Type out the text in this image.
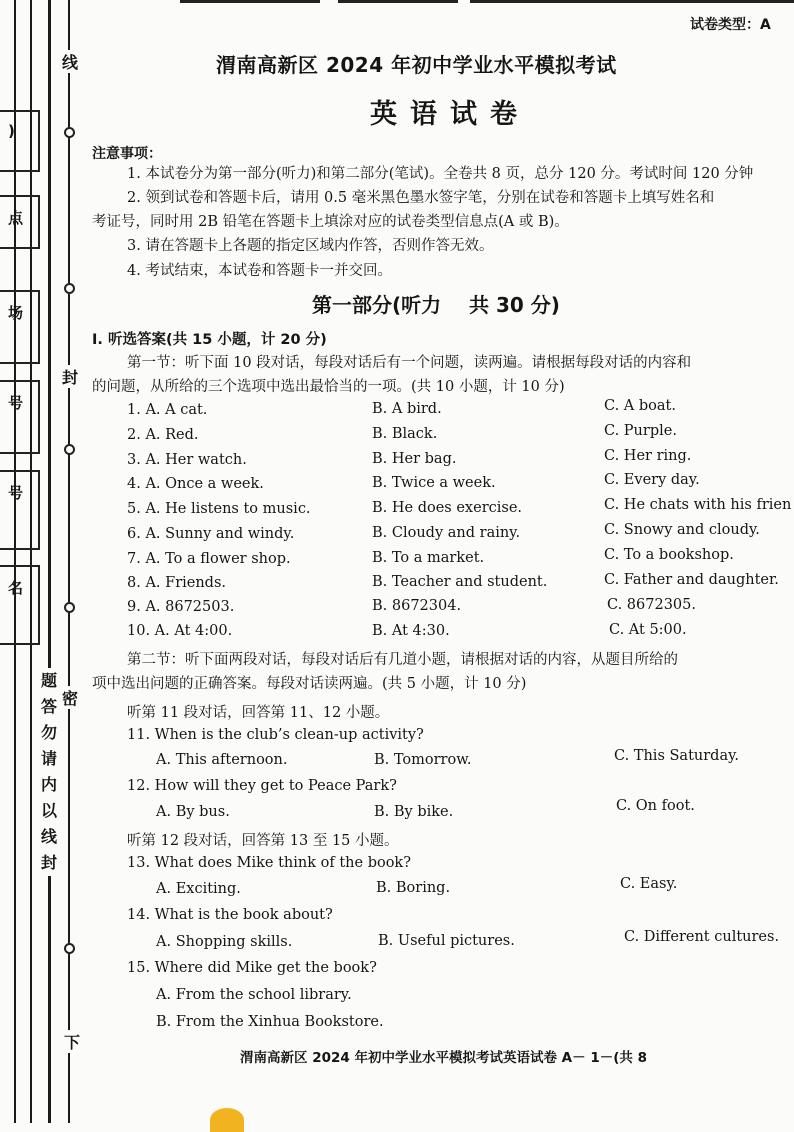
)
点
场
号
号
名
线
封
密
题
答
勿
请
内
以
线
封
下
试卷类型：A
渭南高新区 2024 年初中学业水平模拟考试
英语试卷
注意事项：
1. 本试卷分为第一部分(听力)和第二部分(笔试)。全卷共 8 页，总分 120 分。考试时间 120 分钟
2. 领到试卷和答题卡后，请用 0.5 毫米黑色墨水签字笔，分别在试卷和答题卡上填写姓名和
考证号，同时用 2B 铅笔在答题卡上填涂对应的试卷类型信息点(A 或 B)。
3. 请在答题卡上各题的指定区域内作答，否则作答无效。
4. 考试结束，本试卷和答题卡一并交回。
第一部分(听力    共 30 分)
Ⅰ. 听选答案(共 15 小题，计 20 分)
第一节：听下面 10 段对话，每段对话后有一个问题，读两遍。请根据每段对话的内容和
的问题，从所给的三个选项中选出最恰当的一项。(共 10 小题，计 10 分)
1. A. A cat.	B. A bird.	C. A boat.
2. A. Red.	B. Black.	C. Purple.
3. A. Her watch.	B. Her bag.	C. Her ring.
4. A. Once a week.	B. Twice a week.	C. Every day.
5. A. He listens to music.	B. He does exercise.	C. He chats with his frien
6. A. Sunny and windy.	B. Cloudy and rainy.	C. Snowy and cloudy.
7. A. To a flower shop.	B. To a market.	C. To a bookshop.
8. A. Friends.	B. Teacher and student.	C. Father and daughter.
9. A. 8672503.	B. 8672304.	C. 8672305.
10. A. At 4:00.	B. At 4:30.	C. At 5:00.
第二节：听下面两段对话，每段对话后有几道小题，请根据对话的内容，从题目所给的
项中选出问题的正确答案。每段对话读两遍。(共 5 小题，计 10 分)
听第 11 段对话，回答第 11、12 小题。
11. When is the club’s clean-up activity?
A. This afternoon.	B. Tomorrow.	C. This Saturday.
12. How will they get to Peace Park?
A. By bus.	B. By bike.	C. On foot.
听第 12 段对话，回答第 13 至 15 小题。
13. What does Mike think of the book?
A. Exciting.	B. Boring.	C. Easy.
14. What is the book about?
A. Shopping skills.	B. Useful pictures.	C. Different cultures.
15. Where did Mike get the book?
A. From the school library.
B. From the Xinhua Bookstore.
渭南高新区 2024 年初中学业水平模拟考试英语试卷 A－ 1－(共 8
